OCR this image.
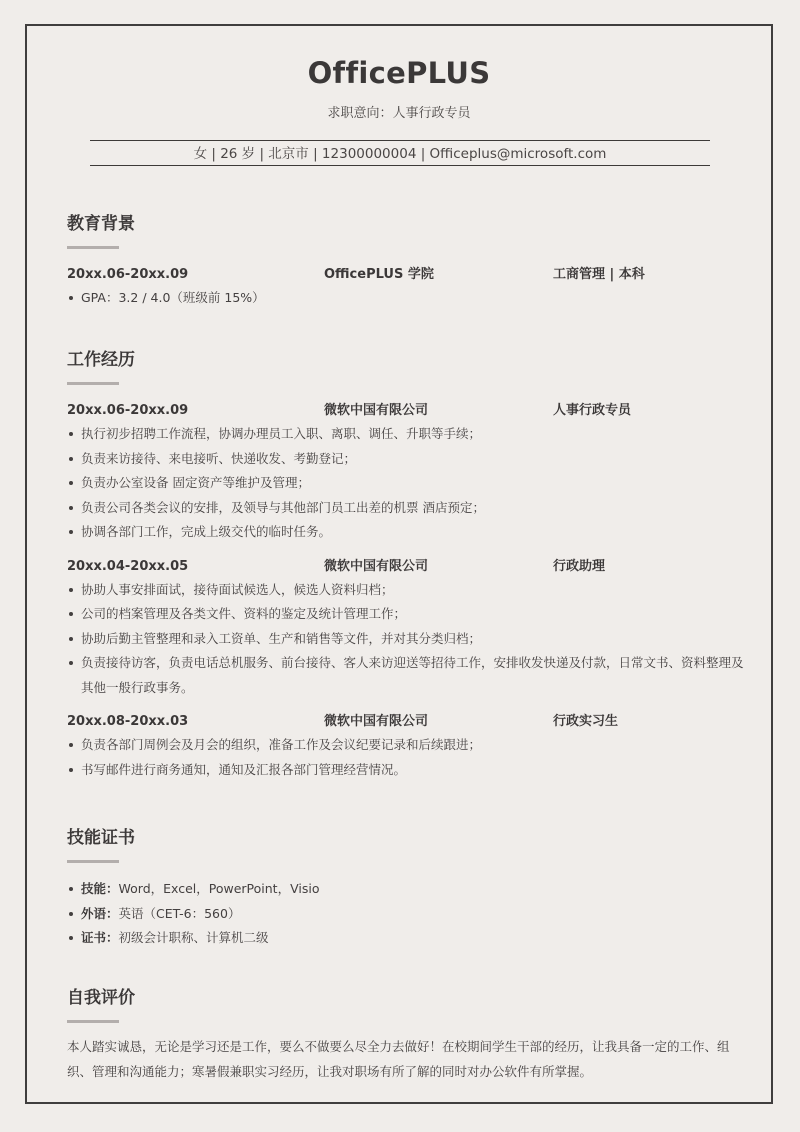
OfficePLUS
求职意向：人事行政专员
女 | 26 岁 | 北京市 | 12300000004 | Officeplus@microsoft.com
教育背景
20xx.06-20xx.09	OfficePLUS 学院	工商管理 | 本科
GPA：3.2 / 4.0（班级前 15%）
工作经历
20xx.06-20xx.09	微软中国有限公司	人事行政专员
执行初步招聘工作流程，协调办理员工入职、离职、调任、升职等手续；
负责来访接待、来电接听、快递收发、考勤登记；
负责办公室设备 固定资产等维护及管理；
负责公司各类会议的安排，及领导与其他部门员工出差的机票 酒店预定；
协调各部门工作，完成上级交代的临时任务。
20xx.04-20xx.05	微软中国有限公司	行政助理
协助人事安排面试，接待面试候选人，候选人资料归档；
公司的档案管理及各类文件、资料的鉴定及统计管理工作；
协助后勤主管整理和录入工资单、生产和销售等文件，并对其分类归档；
负责接待访客，负责电话总机服务、前台接待、客人来访迎送等招待工作，安排收发快递及付款，日常文书、资料整理及其他一般行政事务。
20xx.08-20xx.03	微软中国有限公司	行政实习生
负责各部门周例会及月会的组织，准备工作及会议纪要记录和后续跟进；
书写邮件进行商务通知，通知及汇报各部门管理经营情况。
技能证书
技能：Word，Excel，PowerPoint，Visio
外语：英语（CET-6：560）
证书：初级会计职称、计算机二级
自我评价
本人踏实诚恳，无论是学习还是工作，要么不做要么尽全力去做好！在校期间学生干部的经历，让我具备一定的工作、组织、管理和沟通能力；寒暑假兼职实习经历，让我对职场有所了解的同时对办公软件有所掌握。
